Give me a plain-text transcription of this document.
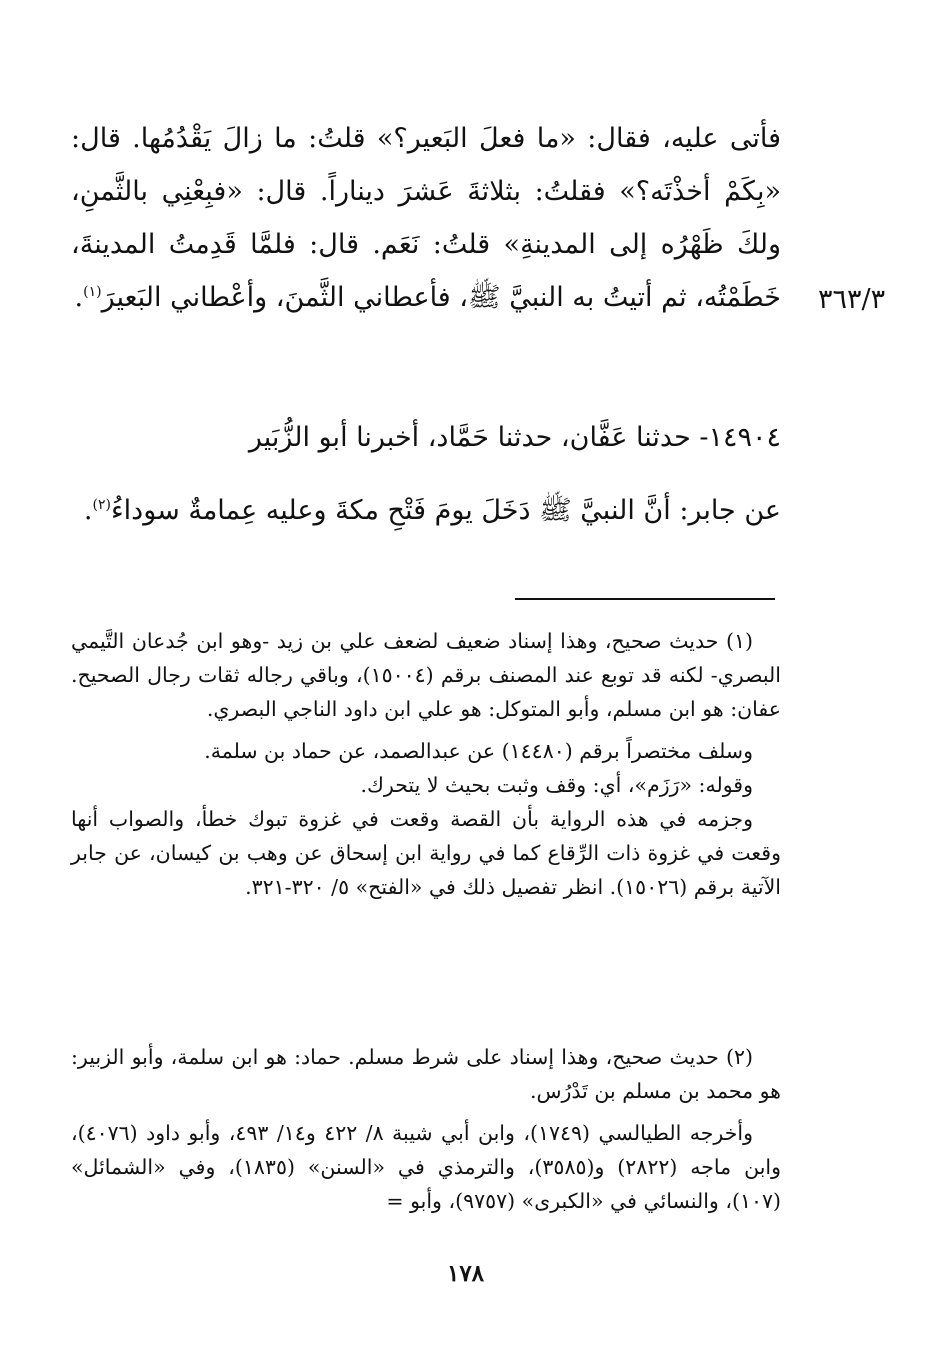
فأتى عليه، فقال: «ما فعلَ البَعير؟» قلتُ: ما زالَ يَقْدُمُها. قال: «بِكَمْ أخذْتَه؟» فقلتُ: بثلاثةَ عَشرَ ديناراً. قال: «فبِعْنِي بالثَّمنِ، ولكَ ظَهْرُه إلى المدينةِ» قلتُ: نَعَم. قال: فلمَّا قَدِمتُ المدينةَ، خَطَمْتُه، ثم أتيتُ به النبيَّ ﷺ، فأعطاني الثَّمنَ، وأعْطاني البَعيرَ$^{(١)}$.	٣٦٣/٣
١٤٩٠٤- حدثنا عَفَّان، حدثنا حَمَّاد، أخبرنا أبو الزُّبَير
عن جابر: أنَّ النبيَّ ﷺ دَخَلَ يومَ فَتْحِ مكةَ وعليه عِمامةٌ سوداءُ$^{(٢)}$.

(١) حديث صحيح، وهذا إسناد ضعيف لضعف علي بن زيد -وهو ابن جُدعان التَّيمي البصري- لكنه قد توبع عند المصنف برقم (١٥٠٠٤)، وباقي رجاله ثقات رجال الصحيح. عفان: هو ابن مسلم، وأبو المتوكل: هو علي ابن داود الناجي البصري.

وسلف مختصراً برقم (١٤٤٨٠) عن عبدالصمد، عن حماد بن سلمة.

وقوله: «رَزَم»، أي: وقف وثبت بحيث لا يتحرك.

وجزمه في هذه الرواية بأن القصة وقعت في غزوة تبوك خطأ، والصواب أنها وقعت في غزوة ذات الرِّقاع كما في رواية ابن إسحاق عن وهب بن كيسان، عن جابر الآتية برقم (١٥٠٢٦). انظر تفصيل ذلك في «الفتح» ٥/ ٣٢٠-٣٢١.

(٢) حديث صحيح، وهذا إسناد على شرط مسلم. حماد: هو ابن سلمة، وأبو الزبير: هو محمد بن مسلم بن تَدْرُس.

وأخرجه الطيالسي (١٧٤٩)، وابن أبي شيبة ٨/ ٤٢٢ و١٤/ ٤٩٣، وأبو داود (٤٠٧٦)، وابن ماجه (٢٨٢٢) و(٣٥٨٥)، والترمذي في «السنن» (١٨٣٥)، وفي «الشمائل» (١٠٧)، والنسائي في «الكبرى» (٩٧٥٧)، وأبو =

١٧٨
